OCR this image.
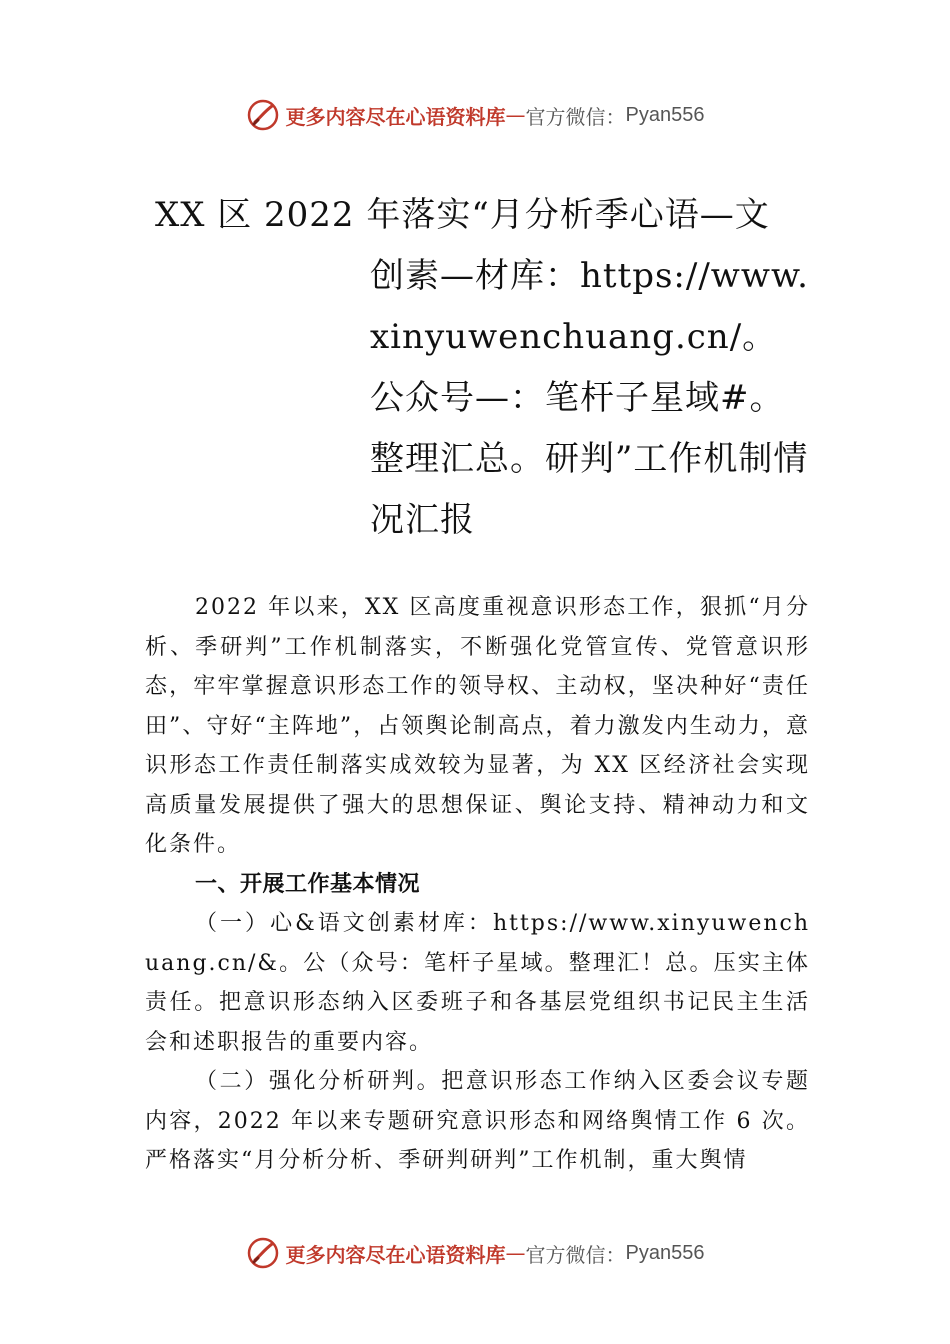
更多内容尽在心语资料库 — 官方微信： Pyan556
XX 区 2022 年落实“月分析季心语—文
创素—材库：https://www.xinyuwenchuang.cn/。公众号—：笔杆子星域#。整理汇总。研判”工作机制情况汇报

2022 年以来，XX 区高度重视意识形态工作，狠抓“月分析、季研判”工作机制落实，不断强化党管宣传、党管意识形态，牢牢掌握意识形态工作的领导权、主动权，坚决种好“责任田”、守好“主阵地”，占领舆论制高点，着力激发内生动力，意识形态工作责任制落实成效较为显著，为 XX 区经济社会实现高质量发展提供了强大的思想保证、舆论支持、精神动力和文化条件。

一、开展工作基本情况

（一）心&语文创素材库：https://www.xinyuwenchuang.cn/&。公（众号：笔杆子星域。整理汇！总。压实主体责任。把意识形态纳入区委班子和各基层党组织书记民主生活会和述职报告的重要内容。

（二）强化分析研判。把意识形态工作纳入区委会议专题内容，2022 年以来专题研究意识形态和网络舆情工作 6 次。严格落实“月分析分析、季研判研判”工作机制，重大舆情

更多内容尽在心语资料库 — 官方微信： Pyan556
